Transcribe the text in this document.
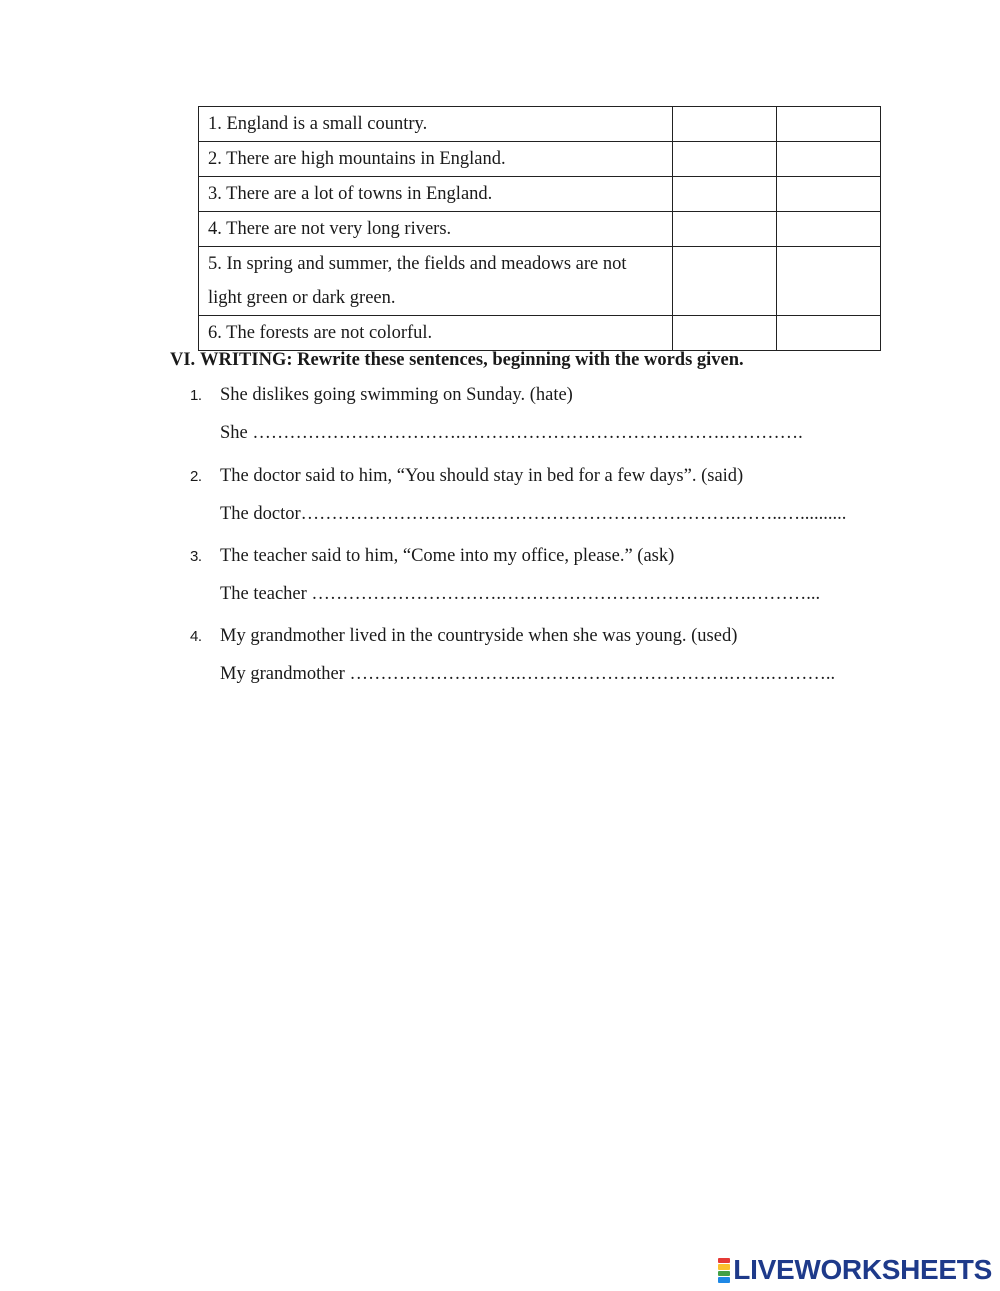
1. England is a small country.		
2. There are high mountains in England.		
3. There are a lot of towns in England.		
4. There are not very long rivers.		
5. In spring and summer, the fields and meadows are not
light green or dark green.		
6. The forests are not colorful.		
VI. WRITING: Rewrite these sentences, beginning with the words given.
1. She dislikes going swimming on Sunday. (hate)
She …………………………….…………………………………….………….
2. The doctor said to him, “You should stay in bed for a few days”. (said)
The doctor………………………….………………………………….……..…..........
3. The teacher said to him, “Come into my office, please.” (ask)
The teacher ………………………….…………………………….…….………...
4. My grandmother lived in the countryside when she was young. (used)
My grandmother ……………………….…………………………….…….………..
LIVEWORKSHEETS
